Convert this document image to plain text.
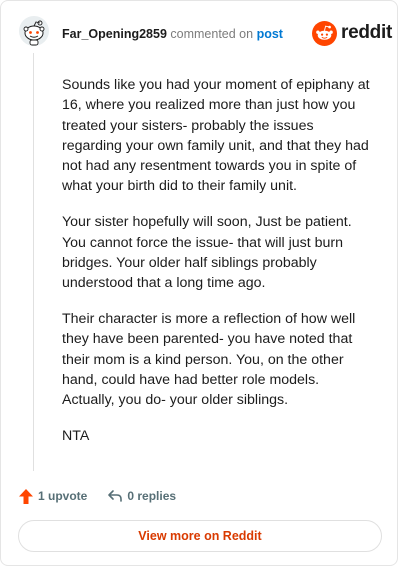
Far_Opening2859 commented on post	reddit

Sounds like you had your moment of epiphany at 16, where you realized more than just how you treated your sisters- probably the issues regarding your own family unit, and that they had not had any resentment towards you in spite of what your birth did to their family unit.

Your sister hopefully will soon, Just be patient. You cannot force the issue- that will just burn bridges. Your older half siblings probably understood that a long time ago.

Their character is more a reflection of how well they have been parented- you have noted that their mom is a kind person. You, on the other hand, could have had better role models. Actually, you do- your older siblings.

NTA

1 upvote	0 replies
View more on Reddit
